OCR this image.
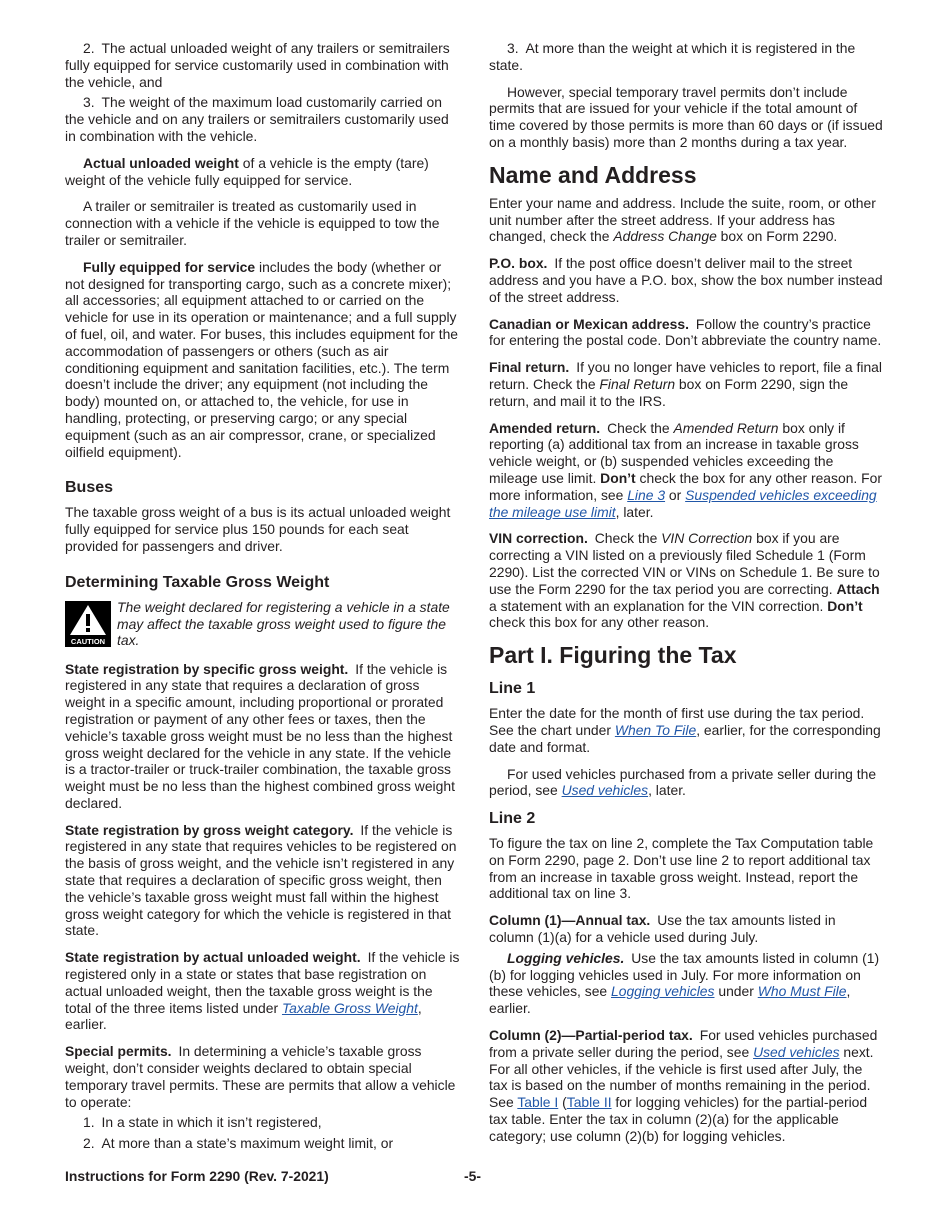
2. The actual unloaded weight of any trailers or semitrailers fully equipped for service customarily used in combination with the vehicle, and

3. The weight of the maximum load customarily carried on the vehicle and on any trailers or semitrailers customarily used in combination with the vehicle.

Actual unloaded weight of a vehicle is the empty (tare) weight of the vehicle fully equipped for service.

A trailer or semitrailer is treated as customarily used in connection with a vehicle if the vehicle is equipped to tow the trailer or semitrailer.

Fully equipped for service includes the body (whether or not designed for transporting cargo, such as a concrete mixer); all accessories; all equipment attached to or carried on the vehicle for use in its operation or maintenance; and a full supply of fuel, oil, and water. For buses, this includes equipment for the accommodation of passengers or others (such as air conditioning equipment and sanitation facilities, etc.). The term doesn’t include the driver; any equipment (not including the body) mounted on, or attached to, the vehicle, for use in handling, protecting, or preserving cargo; or any special equipment (such as an air compressor, crane, or specialized oilfield equipment).

Buses

The taxable gross weight of a bus is its actual unloaded weight fully equipped for service plus 150 pounds for each seat provided for passengers and driver.

Determining Taxable Gross Weight
CAUTION
The weight declared for registering a vehicle in a state may affect the taxable gross weight used to figure the tax.

State registration by specific gross weight. If the vehicle is registered in any state that requires a declaration of gross weight in a specific amount, including proportional or prorated registration or payment of any other fees or taxes, then the vehicle’s taxable gross weight must be no less than the highest gross weight declared for the vehicle in any state. If the vehicle is a tractor-trailer or truck-trailer combination, the taxable gross weight must be no less than the highest combined gross weight declared.

State registration by gross weight category. If the vehicle is registered in any state that requires vehicles to be registered on the basis of gross weight, and the vehicle isn’t registered in any state that requires a declaration of specific gross weight, then the vehicle’s taxable gross weight must fall within the highest gross weight category for which the vehicle is registered in that state.

State registration by actual unloaded weight. If the vehicle is registered only in a state or states that base registration on actual unloaded weight, then the taxable gross weight is the total of the three items listed under Taxable Gross Weight, earlier.

Special permits. In determining a vehicle’s taxable gross weight, don’t consider weights declared to obtain special temporary travel permits. These are permits that allow a vehicle to operate:

1. In a state in which it isn’t registered,
2. At more than a state’s maximum weight limit, or

3. At more than the weight at which it is registered in the state.

However, special temporary travel permits don’t include permits that are issued for your vehicle if the total amount of time covered by those permits is more than 60 days or (if issued on a monthly basis) more than 2 months during a tax year.

Name and Address

Enter your name and address. Include the suite, room, or other unit number after the street address. If your address has changed, check the Address Change box on Form 2290.

P.O. box. If the post office doesn’t deliver mail to the street address and you have a P.O. box, show the box number instead of the street address.

Canadian or Mexican address. Follow the country’s practice for entering the postal code. Don’t abbreviate the country name.

Final return. If you no longer have vehicles to report, file a final return. Check the Final Return box on Form 2290, sign the return, and mail it to the IRS.

Amended return. Check the Amended Return box only if reporting (a) additional tax from an increase in taxable gross vehicle weight, or (b) suspended vehicles exceeding the mileage use limit. Don’t check the box for any other reason. For more information, see Line 3 or Suspended vehicles exceeding the mileage use limit, later.

VIN correction. Check the VIN Correction box if you are correcting a VIN listed on a previously filed Schedule 1 (Form 2290). List the corrected VIN or VINs on Schedule 1. Be sure to use the Form 2290 for the tax period you are correcting. Attach a statement with an explanation for the VIN correction. Don’t check this box for any other reason.

Part I. Figuring the Tax
Line 1

Enter the date for the month of first use during the tax period. See the chart under When To File, earlier, for the corresponding date and format.

For used vehicles purchased from a private seller during the period, see Used vehicles, later.

Line 2

To figure the tax on line 2, complete the Tax Computation table on Form 2290, page 2. Don’t use line 2 to report additional tax from an increase in taxable gross weight. Instead, report the additional tax on line 3.

Column (1)—Annual tax. Use the tax amounts listed in column (1)(a) for a vehicle used during July.

Logging vehicles. Use the tax amounts listed in column (1)(b) for logging vehicles used in July. For more information on these vehicles, see Logging vehicles under Who Must File, earlier.

Column (2)—Partial-period tax. For used vehicles purchased from a private seller during the period, see Used vehicles next. For all other vehicles, if the vehicle is first used after July, the tax is based on the number of months remaining in the period. See Table I (Table II for logging vehicles) for the partial-period tax table. Enter the tax in column (2)(a) for the applicable category; use column (2)(b) for logging vehicles.

Instructions for Form 2290 (Rev. 7-2021)	-5-
